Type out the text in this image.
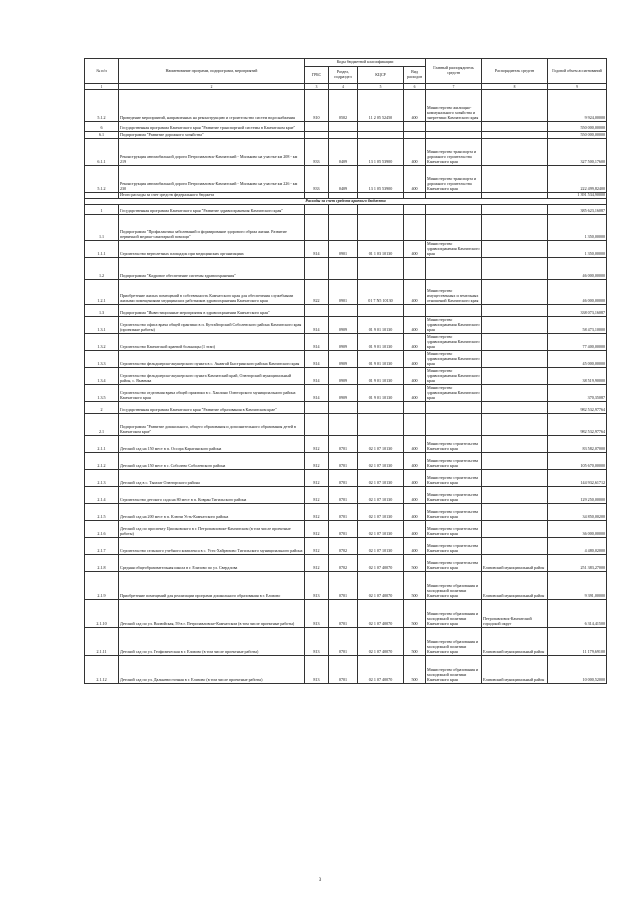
№ п/п	Наименование программ, подпрограмм, мероприятий	Коды бюджетной классификации				Главный распорядитель средств	Распорядитель средств	Годовой объем ассигнований
		ГРБС	Раздел, подраздел	КЦСР	Вид расходов			
1	2	3	4	5	6	7	8	9
5.1.2	Проведение мероприятий, направленных на реконструкцию и строительство систем водоснабжения	810	0502	11 2 05 52450	400	Министерство жилищно-коммунального хозяйства и энергетики Камчатского края		9 924,00000
6	Государственная программа Камчатского края "Развитие транспортной системы в Камчатском крае"							550 000,00000
6.1	Подпрограмма "Развитие дорожного хозяйства"							550 000,00000
6.1.1	Реконструкция автомобильной дороги Петропавловск-Камчатский - Мильково на участке км 208 - км 219	833	0409	13 1 05 53900	400	Министерство транспорта и дорожного строительства Камчатского края		327 500,17600
5.1.2	Реконструкция автомобильной дороги Петропавловск-Камчатский - Мильково на участке км 226 - км 230	833	0409	13 1 05 53900	400	Министерство транспорта и дорожного строительства Камчатского края		222 499,82400
	Итого расходы за счет средств федерального бюджета							1 391 534,90000
Расходы за счет средств краевого бюджета								
1	Государственная программа Камчатского края "Развитие здравоохранения Камчатского края"							385 623,16087
1.1	Подпрограмма "Профилактика заболеваний и формирование здорового образа жизни. Развитие первичной медико-санитарной помощи"							1 350,00000
1.1.1	Строительство вертолетных площадок при медицинских организациях	814	0901	01 1 03 10130	400	Министерство здравоохранения Камчатского края		1 350,00000
1.2	Подпрограмма "Кадровое обеспечение системы здравоохранения"							46 000,00000
1.2.1	Приобретение жилых помещений в собственность Камчатского края для обеспечения служебными жилыми помещениями медицинских работников здравоохранения Камчатского края	822	0901	01 7 N5 10130	400	Министерство имущественных и земельных отношений Камчатского края		46 000,00000
1.3	Подпрограмма "Инвестиционные мероприятия в здравоохранении Камчатского края"							338 073,16087
1.3.1	Строительство офиса врача общей практики в п. Кутгайгорский Соболевского района Камчатского края (проектные работы)	814	0909	01 9 01 10130	400	Министерство здравоохранения Камчатского края		58 473,10000
1.3.2	Строительство Камчатской краевой больницы (1 этап)	814	0909	01 9 01 10130	400	Министерство здравоохранения Камчатского края		77 400,00000
1.3.3	Строительство фельдшерско-акушерского пункта в с. Анавгай Быстринского района Камчатского края	814	0909	01 9 01 10130	400	Министерство здравоохранения Камчатского края		45 000,00000
1.3.4	Строительство фельдшерско-акушерского пункта Камчатский край, Олюторский муниципальный район, с. Вывенка	814	0909	01 9 01 10130	400	Министерство здравоохранения Камчатского края		38 519,90000
1.3.5	Строительство отделения врача общей практики в с. Хаилино Олюторского муниципального района Камчатского края	814	0909	01 9 01 10130	400	Министерство здравоохранения Камчатского края		370,35087
2	Государственная программа Камчатского края "Развитие образования в Камчатском крае"							982 532,97764
2.1	Подпрограмма "Развитие дошкольного, общего образования и дополнительного образования детей в Камчатском крае"							982 532,97764
2.1.1	Детский сад на 150 мест в п. Оссора Карагинского района	812	0701	02 1 07 10130	400	Министерство строительства Камчатского края		83 582,07000
2.1.2	Детский сад на 150 мест в с. Соболево Соболевского района	812	0701	02 1 07 10130	400	Министерство строительства Камчатского края		105 670,00000
2.1.3	Детский сад в с. Тымлат Олюторского района	812	0701	02 1 07 10130	400	Министерство строительства Камчатского края		144 932,61712
2.1.4	Строительство детского сада на 80 мест в п. Ковран Тигильского района	812	0701	02 1 07 10130	400	Министерство строительства Камчатского края		129 250,00000
2.1.5	Детский сад на 200 мест в п. Ключи Усть-Камчатского района	812	0701	02 1 07 10130	400	Министерство строительства Камчатского края		34 850,00200
2.1.6	Детский сад по проспекту Циолковского в г. Петропавловске-Камчатском (в том числе проектные работы)	812	0701	02 1 07 10130	400	Министерство строительства Камчатского края		36 000,00000
2.1.7	Строительство сельского учебного комплекса в с. Усть-Хайрюзово Тигильского муниципального района	812	0702	02 1 07 10130	400	Министерство строительства Камчатского края		4 480,02000
2.1.8	Средняя общеобразовательная школа в г. Елизово по ул. Свердлова	812	0702	02 1 07 40070	500	Министерство строительства Камчатского края	Елизовский муниципальный район	251 383,27000
2.1.9	Приобретение помещений для реализации программ дошкольного образования в г. Елизово	813	0701	02 1 07 40070	500	Министерство образования и молодежной политики Камчатского края	Елизовский муниципальный район	9 391,00000
2.1.10	Детский сад по ул. Вилюйская, 59 в г. Петропавловске-Камчатском (в том числе проектные работы)	813	0701	02 1 07 40070	500	Министерство образования и молодежной политики Камчатского края	Петропавловск-Камчатский городской округ	6 314,41500
2.1.11	Детский сад по ул. Геофизическая в г. Елизово (в том числе проектные работы)	813	0701	02 1 07 40070	500	Министерство образования и молодежной политики Камчатского края	Елизовский муниципальный район	11 179,69100
2.1.12	Детский сад по ул. Дальневосточная в г. Елизово (в том числе проектные работы)	813	0701	02 1 07 40070	500	Министерство образования и молодежной политики Камчатского края	Елизовский муниципальный район	10 000,52000
3
